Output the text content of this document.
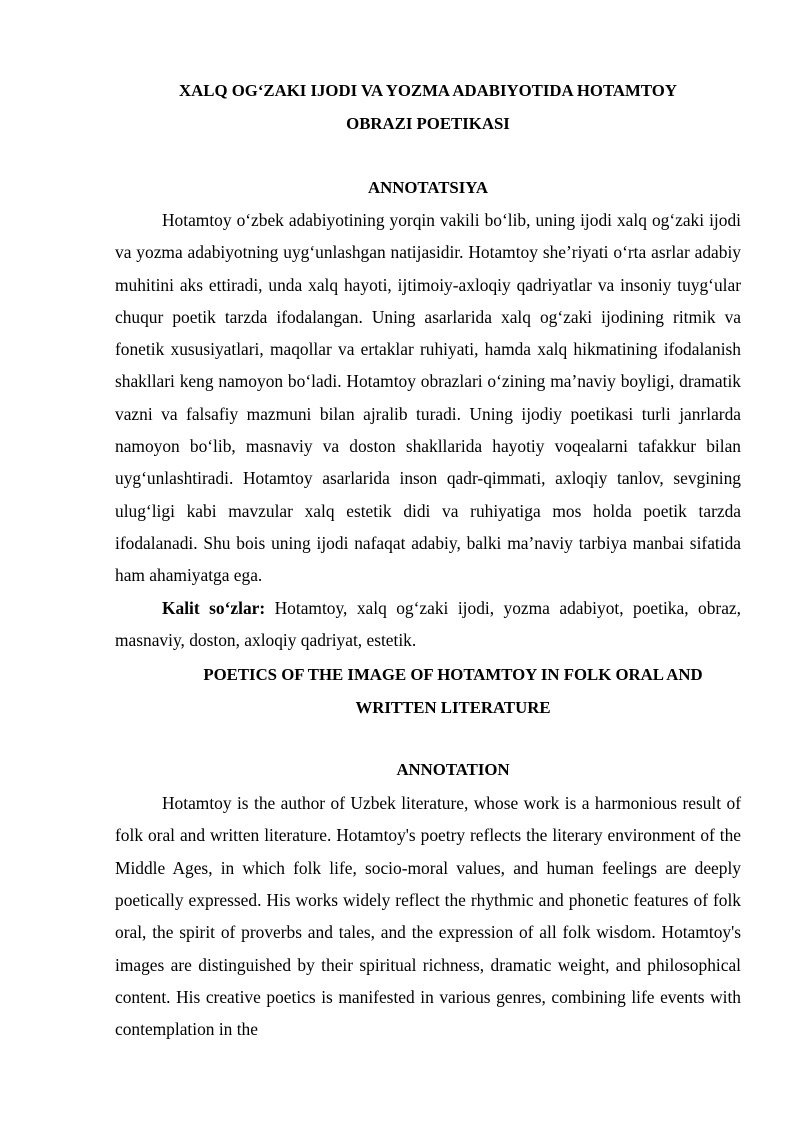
XALQ OG‘ZAKI IJODI VA YOZMA ADABIYOTIDA HOTAMTOY
OBRAZI POETIKASI
ANNOTATSIYA

Hotamtoy o‘zbek adabiyotining yorqin vakili bo‘lib, uning ijodi xalq og‘zaki ijodi va yozma adabiyotning uyg‘unlashgan natijasidir. Hotamtoy she’riyati o‘rta asrlar adabiy muhitini aks ettiradi, unda xalq hayoti, ijtimoiy-axloqiy qadriyatlar va insoniy tuyg‘ular chuqur poetik tarzda ifodalangan. Uning asarlarida xalq og‘zaki ijodining ritmik va fonetik xususiyatlari, maqollar va ertaklar ruhiyati, hamda xalq hikmatining ifodalanish shakllari keng namoyon bo‘ladi. Hotamtoy obrazlari o‘zining ma’naviy boyligi, dramatik vazni va falsafiy mazmuni bilan ajralib turadi. Uning ijodiy poetikasi turli janrlarda namoyon bo‘lib, masnaviy va doston shakllarida hayotiy voqealarni tafakkur bilan uyg‘unlashtiradi. Hotamtoy asarlarida inson qadr-qimmati, axloqiy tanlov, sevgining ulug‘ligi kabi mavzular xalq estetik didi va ruhiyatiga mos holda poetik tarzda ifodalanadi. Shu bois uning ijodi nafaqat adabiy, balki ma’naviy tarbiya manbai sifatida ham ahamiyatga ega.

Kalit so‘zlar: Hotamtoy, xalq og‘zaki ijodi, yozma adabiyot, poetika, obraz, masnaviy, doston, axloqiy qadriyat, estetik.

POETICS OF THE IMAGE OF HOTAMTOY IN FOLK ORAL AND
WRITTEN LITERATURE
ANNOTATION

Hotamtoy is the author of Uzbek literature, whose work is a harmonious result of folk oral and written literature. Hotamtoy's poetry reflects the literary environment of the Middle Ages, in which folk life, socio-moral values, and human feelings are deeply poetically expressed. His works widely reflect the rhythmic and phonetic features of folk oral, the spirit of proverbs and tales, and the expression of all folk wisdom. Hotamtoy's images are distinguished by their spiritual richness, dramatic weight, and philosophical content. His creative poetics is manifested in various genres, combining life events with contemplation in the
